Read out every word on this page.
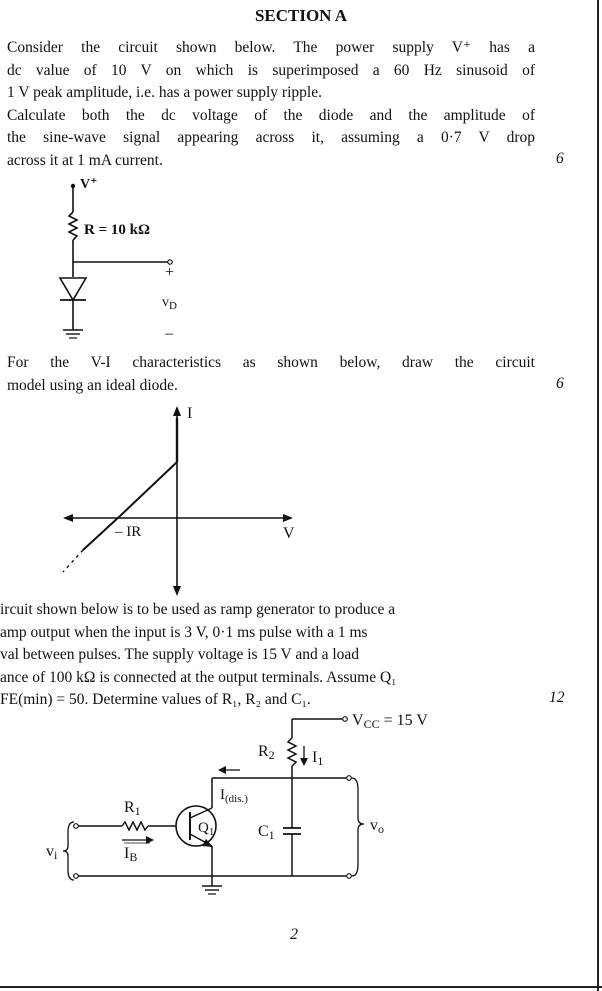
SECTION A
Consider the circuit shown below. The power supply V⁺ has a
dc value of 10 V on which is superimposed a 60 Hz sinusoid of
1 V peak amplitude, i.e. has a power supply ripple.
Calculate both the dc voltage of the diode and the amplitude of
the sine-wave signal appearing across it, assuming a 0·7 V drop
across it at 1 mA current.	6
V⁺
R = 10 kΩ
+
$v_D$
–
For the V-I characteristics as shown below, draw the circuit
model using an ideal diode.	6
I
V
– IR
ircuit shown below is to be used as ramp generator to produce a
amp output when the input is 3 V, 0·1 ms pulse with a 1 ms
val between pulses. The supply voltage is 15 V and a load
ance of 100 kΩ is connected at the output terminals. Assume Q₁
FE(min) = 50. Determine values of R₁, R₂ and C₁.	12
VCC = 15 V
R2 I1
$I_{(dis.)}$
$Q_1$
R1
IB
C1
vi
vo
2
